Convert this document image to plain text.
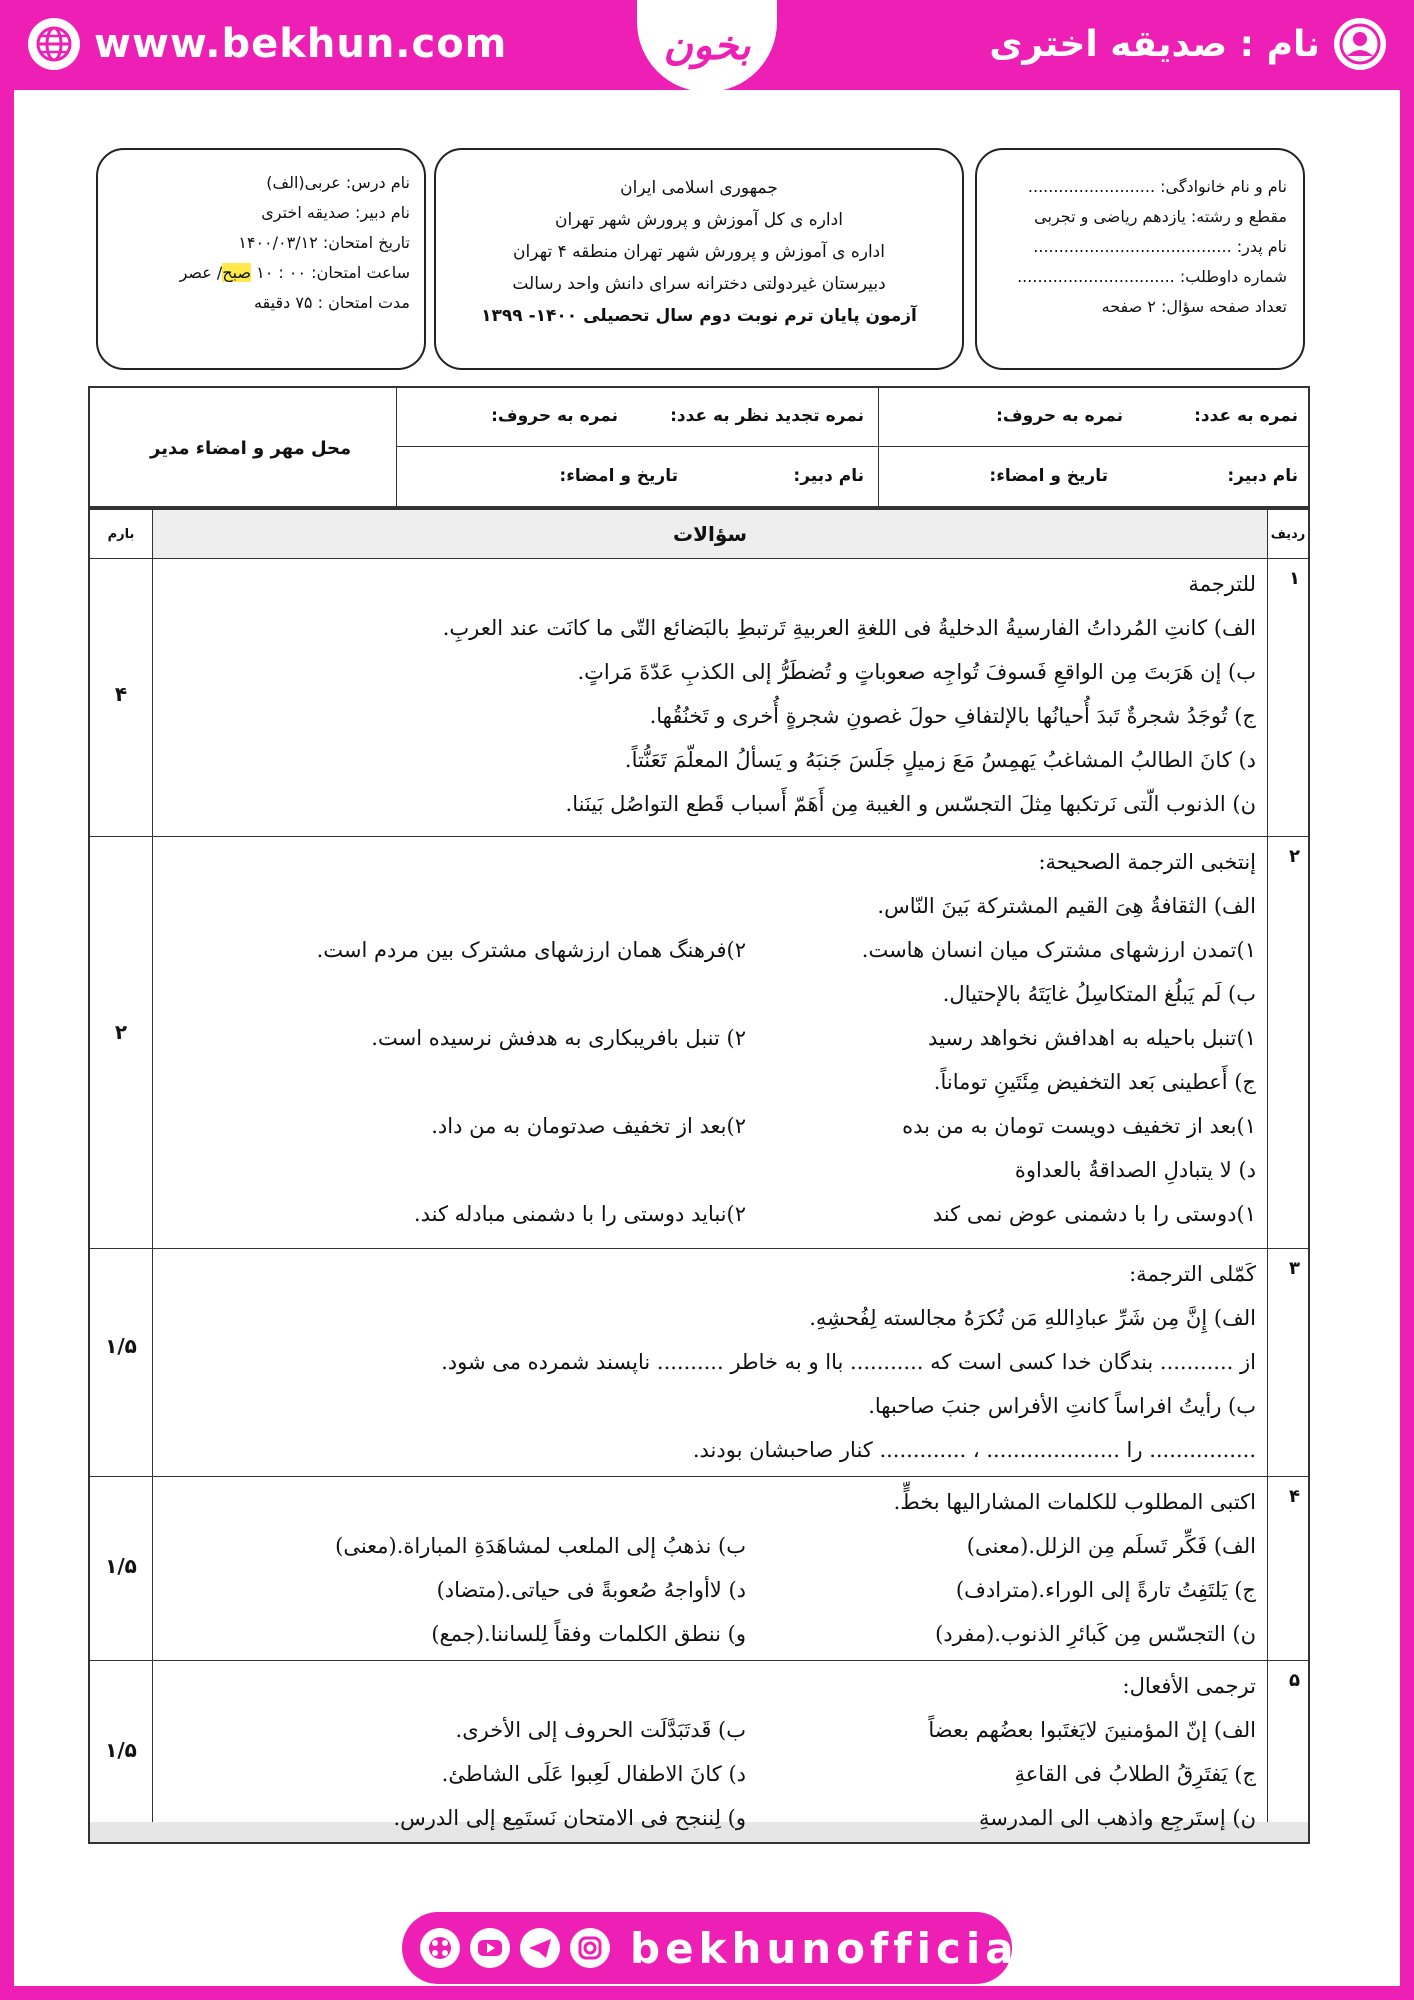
www.bekhun.com	نام : صدیقه اختری
بخون
نام و نام خانوادگی: .........................
مقطع و رشته: یازدهم ریاضی و تجربی
نام پدر: .......................................
شماره داوطلب: ...............................
تعداد صفحه سؤال: ۲ صفحه
جمهوری اسلامی ایران
اداره ی کل آموزش و پرورش شهر تهران
اداره ی آموزش و پرورش شهر تهران منطقه ۴ تهران
دبیرستان غیردولتی دخترانه سرای دانش واحد رسالت
آزمون پایان ترم نوبت دوم سال تحصیلی ۱۴۰۰- ۱۳۹۹
نام درس: عربی(الف)
نام دبیر: صدیقه اختری
تاریخ امتحان: ۱۴۰۰/۰۳/۱۲
ساعت امتحان: ۰۰ : ۱۰ صبح/ عصر
مدت امتحان : ۷۵ دقیقه
نمره به عدد:
نمره به حروف:
نام دبیر:
تاریخ و امضاء:
نمره تجدید نظر به عدد:
نمره به حروف:
نام دبیر:
تاریخ و امضاء:
محل مهر و امضاء مدیر
سؤالات	ردیف
بارم
۱
۴
للترجمة
الف) کانتِ المُرداتُ الفارسیةُ الدخلیةُ فی اللغةِ العربیةِ تَرتبطِ بالبَضائع التّی ما کانَت عند العربِ.
ب) إن هَرَبتَ مِن الواقعِ فَسوفَ تُواجِه صعوباتٍ و تُضطَرُّ إلی الکذبِ عَدّةَ مَراتٍ.
ج) تُوجَدُ شجرةٌ تَبدَ أُحیانُها بالإلتفافِ حولَ غصونِ شجرةٍ أُخری و تَخنُقُها.
د) کانَ الطالبُ المشاغبُ یَهمِسُ مَعَ زمیلٍ جَلَسَ جَنبَهُ و یَسألُ المعلّمَ تَعَنُّتاً.
ن) الذنوب الّتی نَرتکبها مِثلَ التجسّس و الغیبة مِن أَهَمّ أَسباب قَطع التواصُل بَینَنا.
۲
۲
إنتخبی الترجمة الصحیحة:
الف) الثقافةُ هِیَ القیم المشترکة بَینَ النّاس.
۱)تمدن ارزشهای مشترک میان انسان هاست.
۲)فرهنگ همان ارزشهای مشترک بین مردم است.
ب) لَم یَبلُغ المتکاسِلُ غایَتَهُ بالإحتیال.
۱)تنبل باحیله به اهدافش نخواهد رسید
۲) تنبل بافریبکاری به هدفش نرسیده است.
ج) أَعطینی بَعد التخفیض مِئَتَینِ توماناً.
۱)بعد از تخفیف دویست تومان به من بده
۲)بعد از تخفیف صدتومان به من داد.
د) لا یتبادلِ الصداقةُ بالعداوة
۱)دوستی را با دشمنی عوض نمی کند
۲)نباید دوستی را با دشمنی مبادله کند.
۳
۱/۵
کَمّلی الترجمة:
الف) إِنَّ مِن شَرِّ عبادِاللهِ مَن تُکرَهُ مجالسته لِفُحشِهِ.
از ........... بندگان خدا کسی است که ........... باا و به خاطر .......... ناپسند شمرده می شود.
ب) رأیتُ افراساً کانتِ الأفراس جنبَ صاحبها.
................ را .................... ، ............. کنار صاحبشان بودند.
۴
۱/۵
اکتبی المطلوب للکلمات المشارالیها بخطٍّ.
الف) فَکِّر تَسلَم مِن الزلل.(معنی)
ب) نذهبُ إلی الملعب لمشاهَدَةِ المباراة.(معنی)
ج) یَلتَفِتُ تارةً إلی الوراء.(مترادف)
د) لاأواجهُ صُعوبةً فی حیاتی.(متضاد)
ن) التجسّس مِن کَبائرِ الذنوب.(مفرد)
و) ننطق الکلمات وفقاً لِلساننا.(جمع)
۵
۱/۵
ترجمی الأفعال:
الف) إنّ المؤمنینَ لایَغتَبوا بعضُهم بعضاً
ب) قَدتَبَدَّلَت الحروف إلی الأخری.
ج) یَفتَرِقُ الطلابُ فی القاعةِ
د) کانَ الاطفال لَعِبوا عَلَی الشاطئ.
ن) إستَرجِع واذهب الی المدرسةِ
و) لِننجح فی الامتحان نَستَمِع إلی الدرس.
bekhunofficial
